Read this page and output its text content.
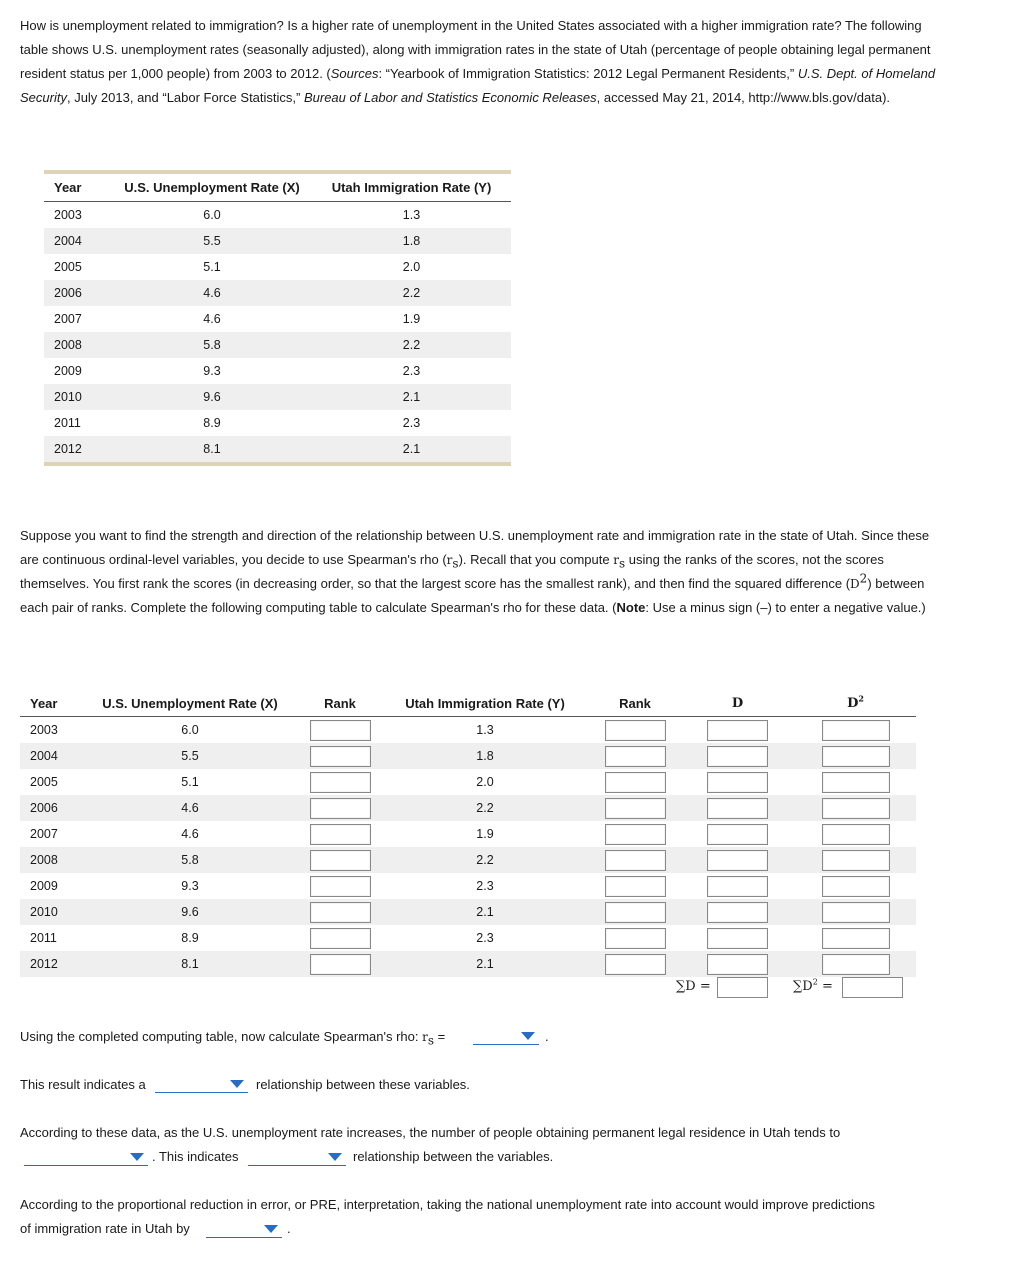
How is unemployment related to immigration? Is a higher rate of unemployment in the United States associated with a higher immigration rate? The following table shows U.S. unemployment rates (seasonally adjusted), along with immigration rates in the state of Utah (percentage of people obtaining legal permanent resident status per 1,000 people) from 2003 to 2012. (Sources: “Yearbook of Immigration Statistics: 2012 Legal Permanent Residents,” U.S. Dept. of Homeland Security, July 2013, and “Labor Force Statistics,” Bureau of Labor and Statistics Economic Releases, accessed May 21, 2014, http://www.bls.gov/data).

Year	U.S. Unemployment Rate (X)	Utah Immigration Rate (Y)
2003	6.0	1.3
2004	5.5	1.8
2005	5.1	2.0
2006	4.6	2.2
2007	4.6	1.9
2008	5.8	2.2
2009	9.3	2.3
2010	9.6	2.1
2011	8.9	2.3
2012	8.1	2.1

Suppose you want to find the strength and direction of the relationship between U.S. unemployment rate and immigration rate in the state of Utah. Since these are continuous ordinal-level variables, you decide to use Spearman's rho $(r_s)$. Recall that you compute $r_s$ using the ranks of the scores, not the scores themselves. You first rank the scores (in decreasing order, so that the largest score has the smallest rank), and then find the squared difference $(D^2)$ between each pair of ranks. Complete the following computing table to calculate Spearman's rho for these data. (Note: Use a minus sign (–) to enter a negative value.)

Year	U.S. Unemployment Rate (X)	Rank	Utah Immigration Rate (Y)	Rank	D	$D^2$
2003	6.0		1.3			
2004	5.5		1.8			
2005	5.1		2.0			
2006	4.6		2.2			
2007	4.6		1.9			
2008	5.8		2.2			
2009	9.3		2.3			
2010	9.6		2.1			
2011	8.9		2.3			
2012	8.1		2.1			
∑D =	$\sum D^2$ =

Using the completed computing table, now calculate Spearman's rho: $r_s$ =	.
This result indicates a	relationship between these variables.
According to these data, as the U.S. unemployment rate increases, the number of people obtaining permanent legal residence in Utah tends to
. This indicates	relationship between the variables.
According to the proportional reduction in error, or PRE, interpretation, taking the national unemployment rate into account would improve predictions
of immigration rate in Utah by	.
